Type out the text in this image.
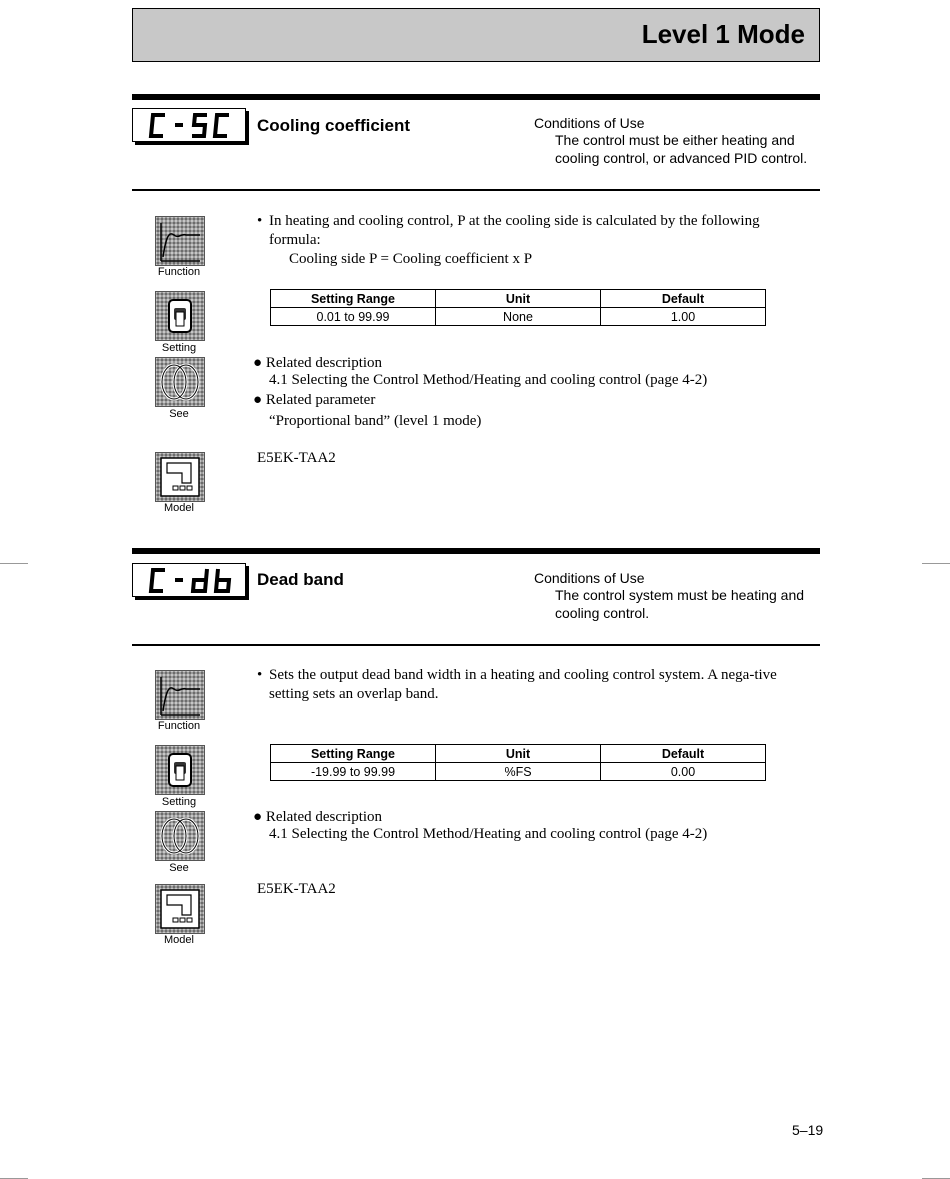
Level 1 Mode
Cooling coefficient	Conditions of Use
The control must be either heating and cooling control, or advanced PID control.
Function
Setting
See
Model
• In heating and cooling control, P at the cooling side is calculated by the following formula:
Cooling side P = Cooling coefficient x P
Setting Range	Unit	Default
0.01 to 99.99	None	1.00
● Related description
4.1 Selecting the Control Method/Heating and cooling control (page 4-2)
● Related parameter
“Proportional band” (level 1 mode)
E5EK-TAA2
Dead band	Conditions of Use
The control system must be heating and cooling control.
Function
Setting
See
Model
• Sets the output dead band width in a heating and cooling control system. A nega-tive setting sets an overlap band.
Setting Range	Unit	Default
-19.99 to 99.99	%FS	0.00
● Related description
4.1 Selecting the Control Method/Heating and cooling control (page 4-2)
E5EK-TAA2
5–19
